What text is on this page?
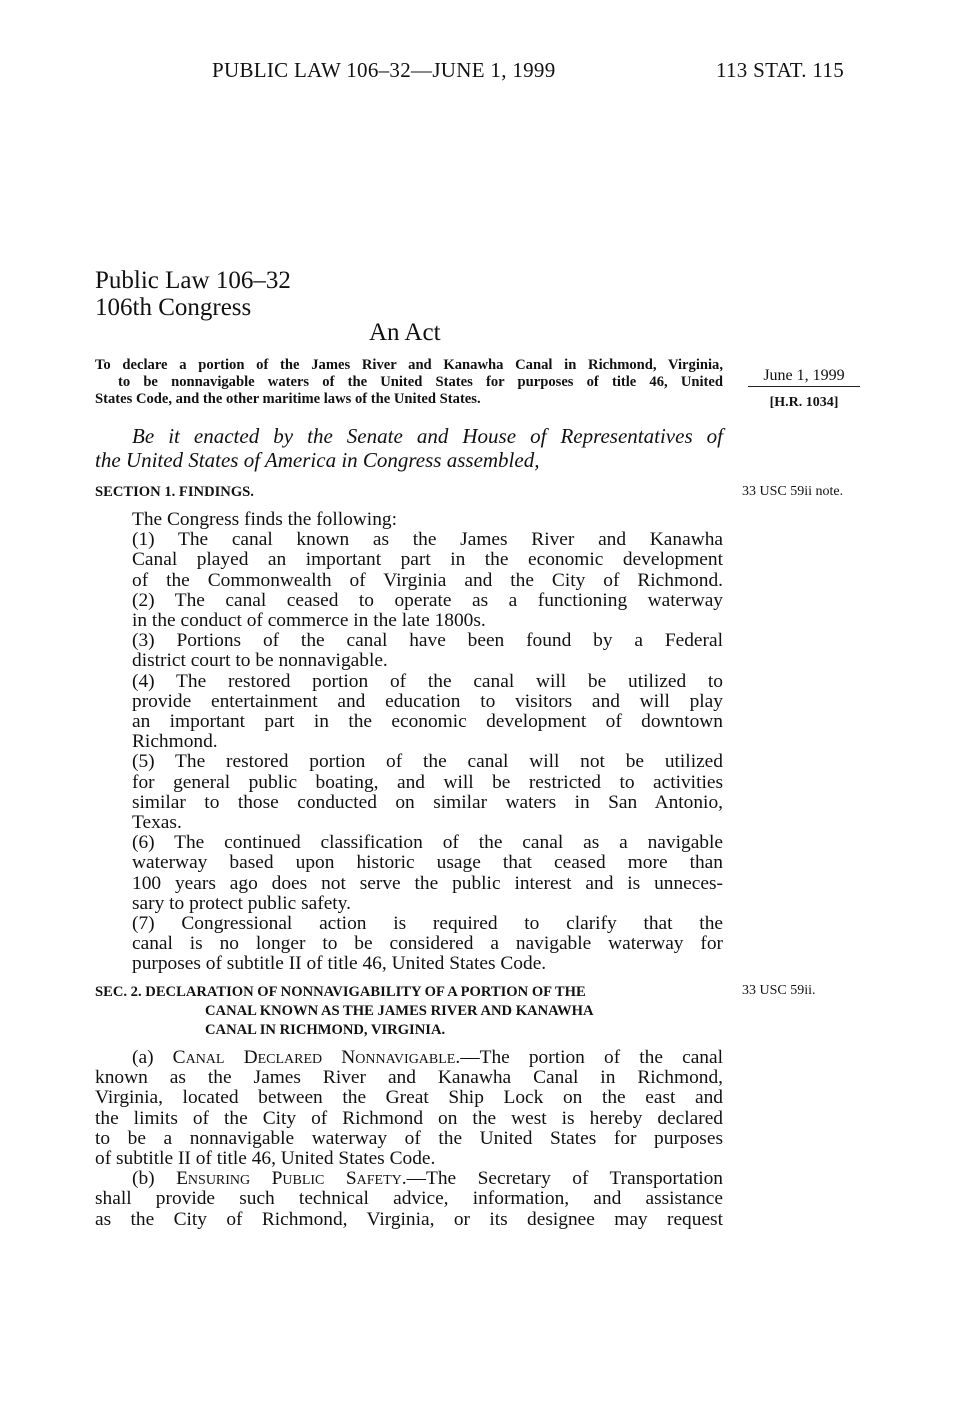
PUBLIC LAW 106–32—JUNE 1, 1999	113 STAT. 115
Public Law 106–32
106th Congress
An Act
To declare a portion of the James River and Kanawha Canal in Richmond, Virginia,
to be nonnavigable waters of the United States for purposes of title 46, United
States Code, and the other maritime laws of the United States.
June 1, 1999
[H.R. 1034]
Be it enacted by the Senate and House of Representatives of
the United States of America in Congress assembled,
SECTION 1. FINDINGS.	33 USC 59ii note.
The Congress finds the following:
(1) The canal known as the James River and Kanawha
Canal played an important part in the economic development
of the Commonwealth of Virginia and the City of Richmond.
(2) The canal ceased to operate as a functioning waterway
in the conduct of commerce in the late 1800s.
(3) Portions of the canal have been found by a Federal
district court to be nonnavigable.
(4) The restored portion of the canal will be utilized to
provide entertainment and education to visitors and will play
an important part in the economic development of downtown
Richmond.
(5) The restored portion of the canal will not be utilized
for general public boating, and will be restricted to activities
similar to those conducted on similar waters in San Antonio,
Texas.
(6) The continued classification of the canal as a navigable
waterway based upon historic usage that ceased more than
100 years ago does not serve the public interest and is unneces-
sary to protect public safety.
(7) Congressional action is required to clarify that the
canal is no longer to be considered a navigable waterway for
purposes of subtitle II of title 46, United States Code.
SEC. 2. DECLARATION OF NONNAVIGABILITY OF A PORTION OF THE
CANAL KNOWN AS THE JAMES RIVER AND KANAWHA
CANAL IN RICHMOND, VIRGINIA.
33 USC 59ii.
(a) Canal Declared Nonnavigable.—The portion of the canal
known as the James River and Kanawha Canal in Richmond,
Virginia, located between the Great Ship Lock on the east and
the limits of the City of Richmond on the west is hereby declared
to be a nonnavigable waterway of the United States for purposes
of subtitle II of title 46, United States Code.
(b) Ensuring Public Safety.—The Secretary of Transportation
shall provide such technical advice, information, and assistance
as the City of Richmond, Virginia, or its designee may request
